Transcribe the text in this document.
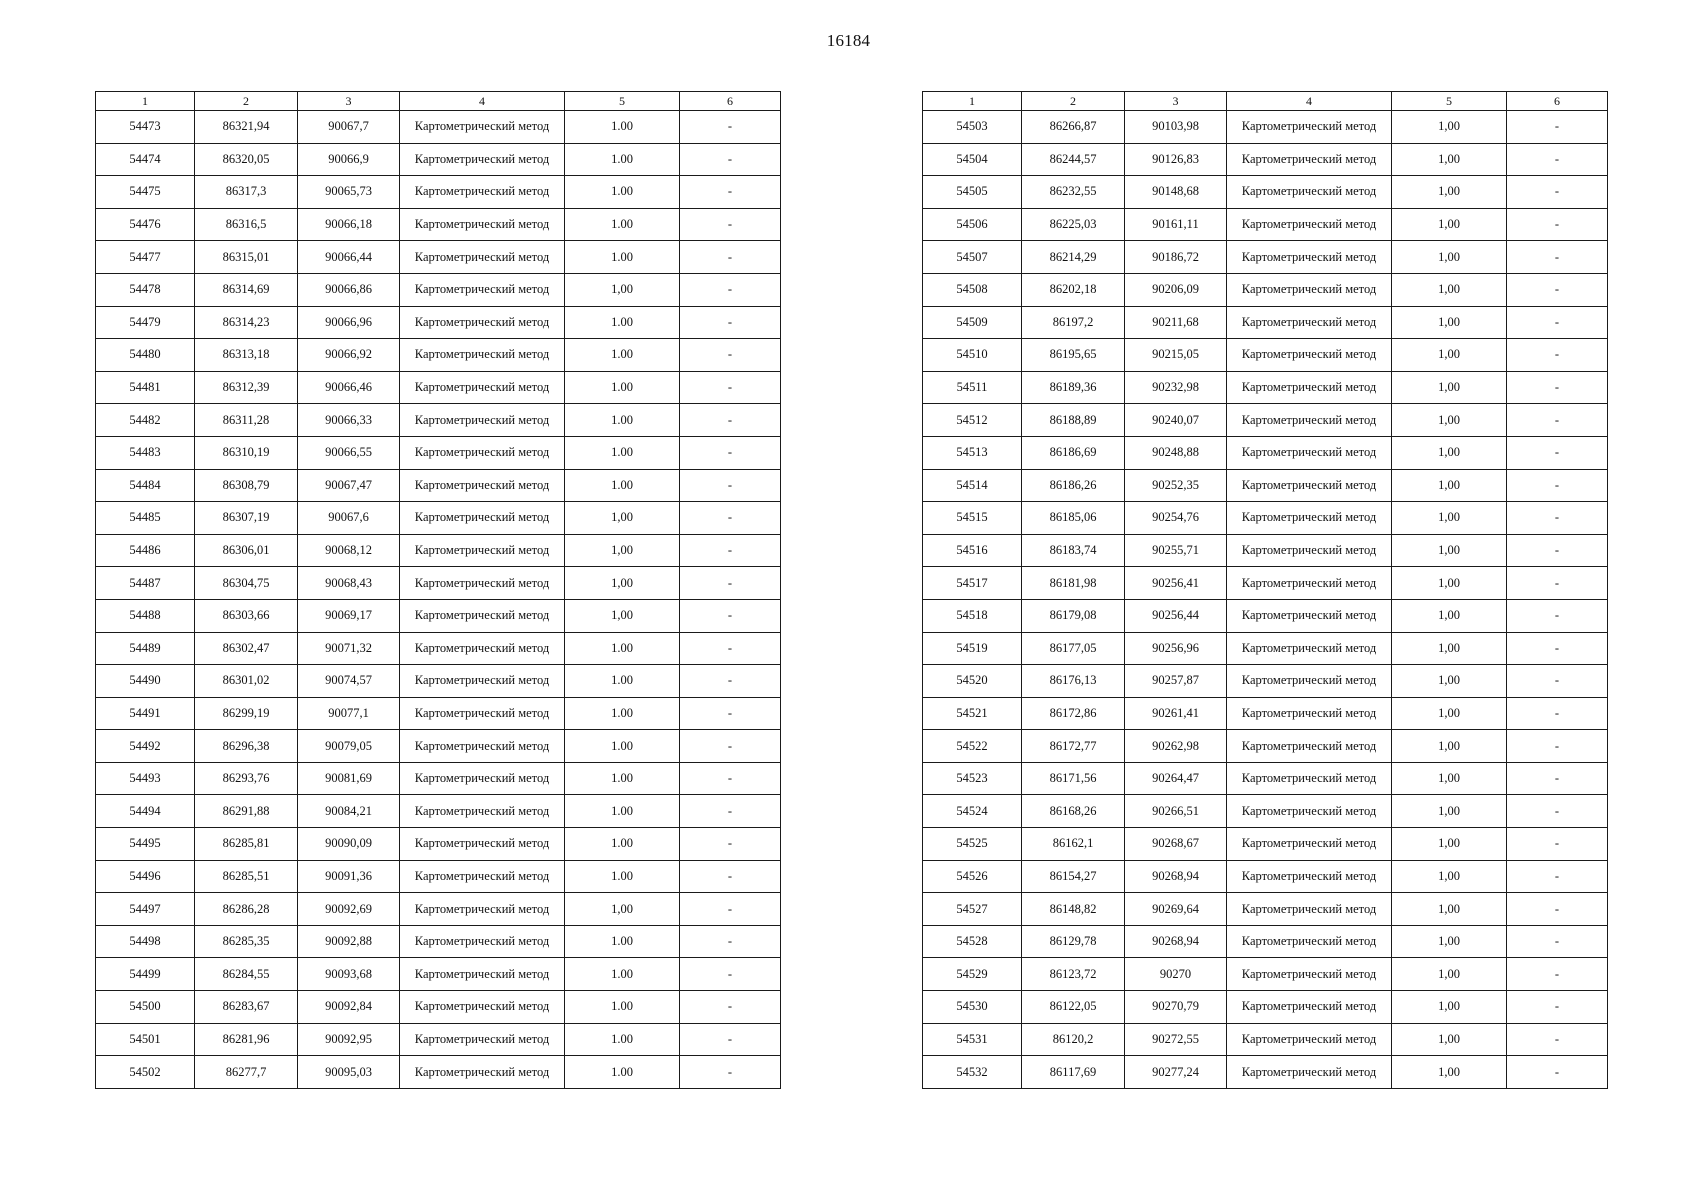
16184
1	2	3	4	5	6
54473	86321,94	90067,7	Картометрический метод	1.00	-
54474	86320,05	90066,9	Картометрический метод	1.00	-
54475	86317,3	90065,73	Картометрический метод	1.00	-
54476	86316,5	90066,18	Картометрический метод	1.00	-
54477	86315,01	90066,44	Картометрический метод	1.00	-
54478	86314,69	90066,86	Картометрический метод	1,00	-
54479	86314,23	90066,96	Картометрический метод	1.00	-
54480	86313,18	90066,92	Картометрический метод	1.00	-
54481	86312,39	90066,46	Картометрический метод	1.00	-
54482	86311,28	90066,33	Картометрический метод	1.00	-
54483	86310,19	90066,55	Картометрический метод	1.00	-
54484	86308,79	90067,47	Картометрический метод	1.00	-
54485	86307,19	90067,6	Картометрический метод	1,00	-
54486	86306,01	90068,12	Картометрический метод	1,00	-
54487	86304,75	90068,43	Картометрический метод	1,00	-
54488	86303,66	90069,17	Картометрический метод	1,00	-
54489	86302,47	90071,32	Картометрический метод	1.00	-
54490	86301,02	90074,57	Картометрический метод	1.00	-
54491	86299,19	90077,1	Картометрический метод	1.00	-
54492	86296,38	90079,05	Картометрический метод	1.00	-
54493	86293,76	90081,69	Картометрический метод	1.00	-
54494	86291,88	90084,21	Картометрический метод	1.00	-
54495	86285,81	90090,09	Картометрический метод	1.00	-
54496	86285,51	90091,36	Картометрический метод	1.00	-
54497	86286,28	90092,69	Картометрический метод	1,00	-
54498	86285,35	90092,88	Картометрический метод	1.00	-
54499	86284,55	90093,68	Картометрический метод	1.00	-
54500	86283,67	90092,84	Картометрический метод	1.00	-
54501	86281,96	90092,95	Картометрический метод	1.00	-
54502	86277,7	90095,03	Картометрический метод	1.00	-
1	2	3	4	5	6
54503	86266,87	90103,98	Картометрический метод	1,00	-
54504	86244,57	90126,83	Картометрический метод	1,00	-
54505	86232,55	90148,68	Картометрический метод	1,00	-
54506	86225,03	90161,11	Картометрический метод	1,00	-
54507	86214,29	90186,72	Картометрический метод	1,00	-
54508	86202,18	90206,09	Картометрический метод	1,00	-
54509	86197,2	90211,68	Картометрический метод	1,00	-
54510	86195,65	90215,05	Картометрический метод	1,00	-
54511	86189,36	90232,98	Картометрический метод	1,00	-
54512	86188,89	90240,07	Картометрический метод	1,00	-
54513	86186,69	90248,88	Картометрический метод	1,00	-
54514	86186,26	90252,35	Картометрический метод	1,00	-
54515	86185,06	90254,76	Картометрический метод	1,00	-
54516	86183,74	90255,71	Картометрический метод	1,00	-
54517	86181,98	90256,41	Картометрический метод	1,00	-
54518	86179,08	90256,44	Картометрический метод	1,00	-
54519	86177,05	90256,96	Картометрический метод	1,00	-
54520	86176,13	90257,87	Картометрический метод	1,00	-
54521	86172,86	90261,41	Картометрический метод	1,00	-
54522	86172,77	90262,98	Картометрический метод	1,00	-
54523	86171,56	90264,47	Картометрический метод	1,00	-
54524	86168,26	90266,51	Картометрический метод	1,00	-
54525	86162,1	90268,67	Картометрический метод	1,00	-
54526	86154,27	90268,94	Картометрический метод	1,00	-
54527	86148,82	90269,64	Картометрический метод	1,00	-
54528	86129,78	90268,94	Картометрический метод	1,00	-
54529	86123,72	90270	Картометрический метод	1,00	-
54530	86122,05	90270,79	Картометрический метод	1,00	-
54531	86120,2	90272,55	Картометрический метод	1,00	-
54532	86117,69	90277,24	Картометрический метод	1,00	-
